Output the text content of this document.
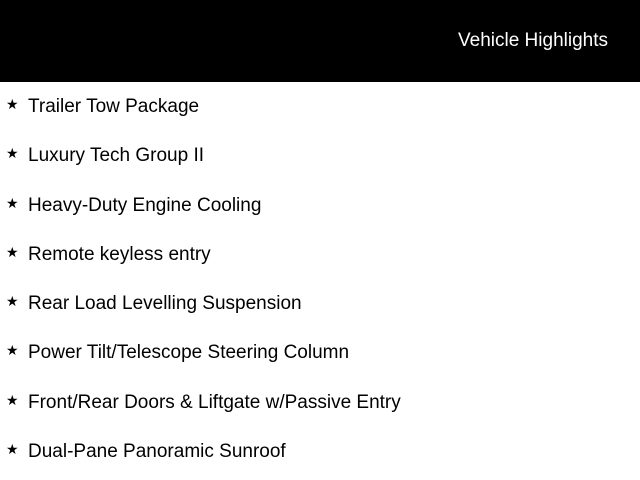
Vehicle Highlights
★ Trailer Tow Package
★ Luxury Tech Group II
★ Heavy-Duty Engine Cooling
★ Remote keyless entry
★ Rear Load Levelling Suspension
★ Power Tilt/Telescope Steering Column
★ Front/Rear Doors & Liftgate w/Passive Entry
★ Dual-Pane Panoramic Sunroof
